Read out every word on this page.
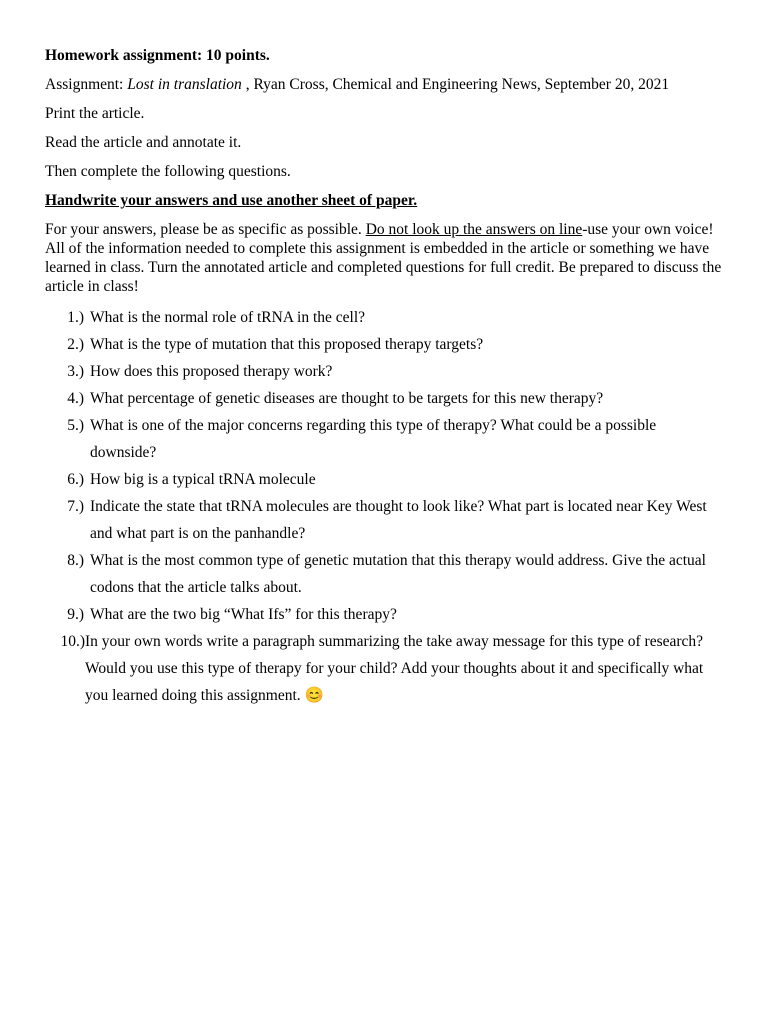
Homework assignment: 10 points.

Assignment: Lost in translation , Ryan Cross, Chemical and Engineering News, September 20, 2021

Print the article.

Read the article and annotate it.

Then complete the following questions.

Handwrite your answers and use another sheet of paper.

For your answers, please be as specific as possible. Do not look up the answers on line-use your own voice! All of the information needed to complete this assignment is embedded in the article or something we have learned in class. Turn the annotated article and completed questions for full credit. Be prepared to discuss the article in class!

1.) What is the normal role of tRNA in the cell?
2.) What is the type of mutation that this proposed therapy targets?
3.) How does this proposed therapy work?
4.) What percentage of genetic diseases are thought to be targets for this new therapy?
5.) What is one of the major concerns regarding this type of therapy? What could be a possible downside?
6.) How big is a typical tRNA molecule
7.) Indicate the state that tRNA molecules are thought to look like? What part is located near Key West and what part is on the panhandle?
8.) What is the most common type of genetic mutation that this therapy would address. Give the actual codons that the article talks about.
9.) What are the two big “What Ifs” for this therapy?
10.) In your own words write a paragraph summarizing the take away message for this type of research? Would you use this type of therapy for your child? Add your thoughts about it and specifically what you learned doing this assignment. 😊
